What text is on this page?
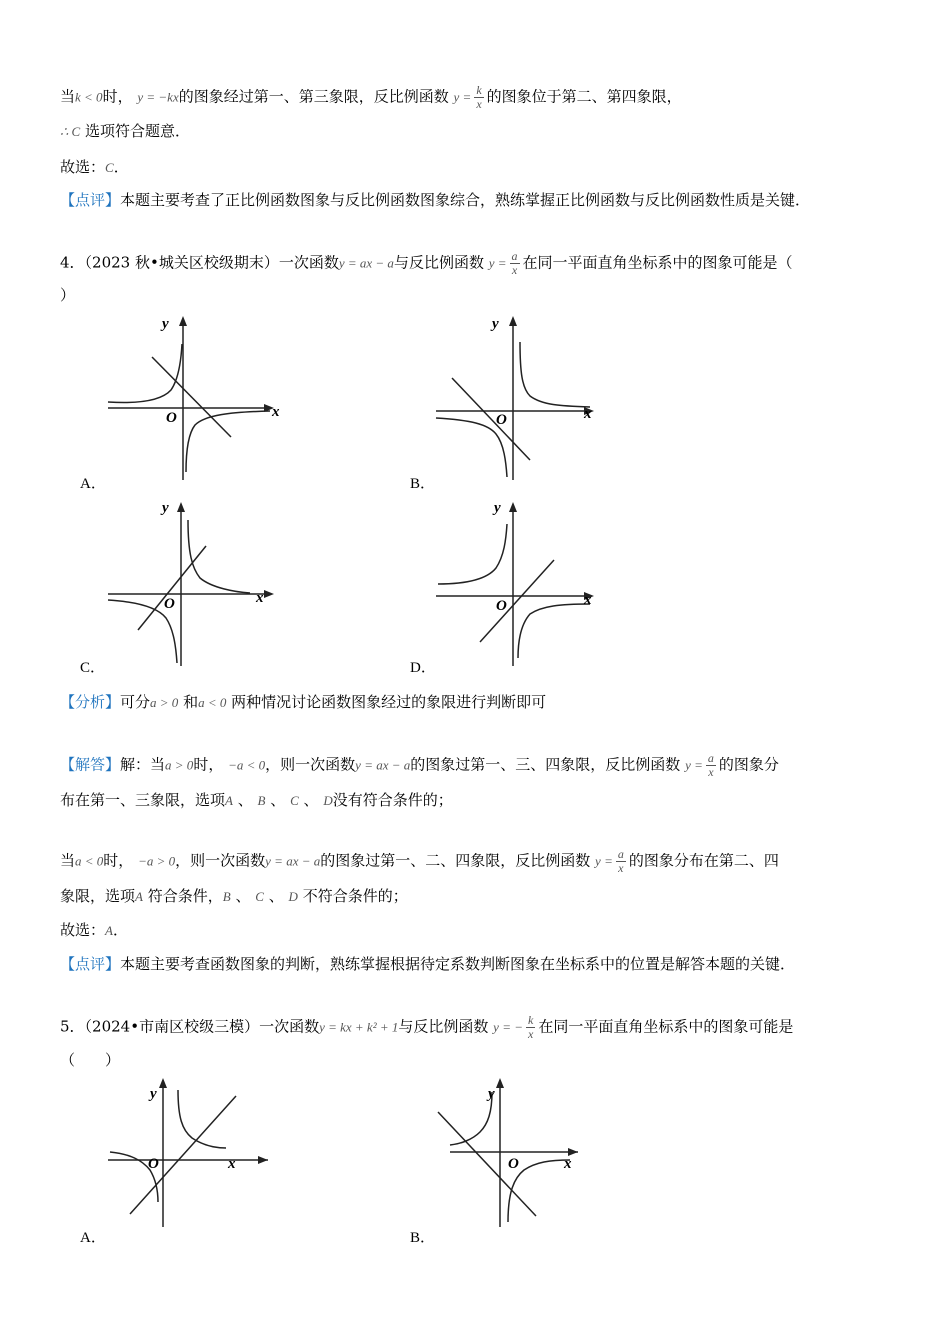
当k < 0时， y = −kx的图象经过第一、第三象限，反比例函数 $y = \frac{k}{x}$ 的图象位于第二、第四象限，
∴ C 选项符合题意．
故选：C．
【点评】本题主要考查了正比例函数图象与反比例函数图象综合，熟练掌握正比例函数与反比例函数性质是关键．
4．（2023 秋•城关区校级期末）一次函数y = ax − a与反比例函数 $y = \frac{a}{x}$ 在同一平面直角坐标系中的图象可能是（
）
x
y
O
A．
x
y
O
B．
x
y
O
C．
x
y
O
D．
【分析】可分a > 0 和a < 0 两种情况讨论函数图象经过的象限进行判断即可
【解答】解：当a > 0时， −a < 0，则一次函数y = ax − a的图象过第一、三、四象限，反比例函数 $y = \frac{a}{x}$ 的图象分
布在第一、三象限，选项A 、 B 、 C 、 D没有符合条件的；
当a < 0时， −a > 0，则一次函数y = ax − a的图象过第一、二、四象限，反比例函数 $y = \frac{a}{x}$ 的图象分布在第二、四
象限，选项A 符合条件，B 、 C 、 D 不符合条件的；
故选：A．
【点评】本题主要考查函数图象的判断，熟练掌握根据待定系数判断图象在坐标系中的位置是解答本题的关键．
5．（2024•市南区校级三模）一次函数y = kx + k² + 1与反比例函数 y = − $\frac{k}{x}$ 在同一平面直角坐标系中的图象可能是
（　　）
x
y
O
A．
x
y
O
B．
